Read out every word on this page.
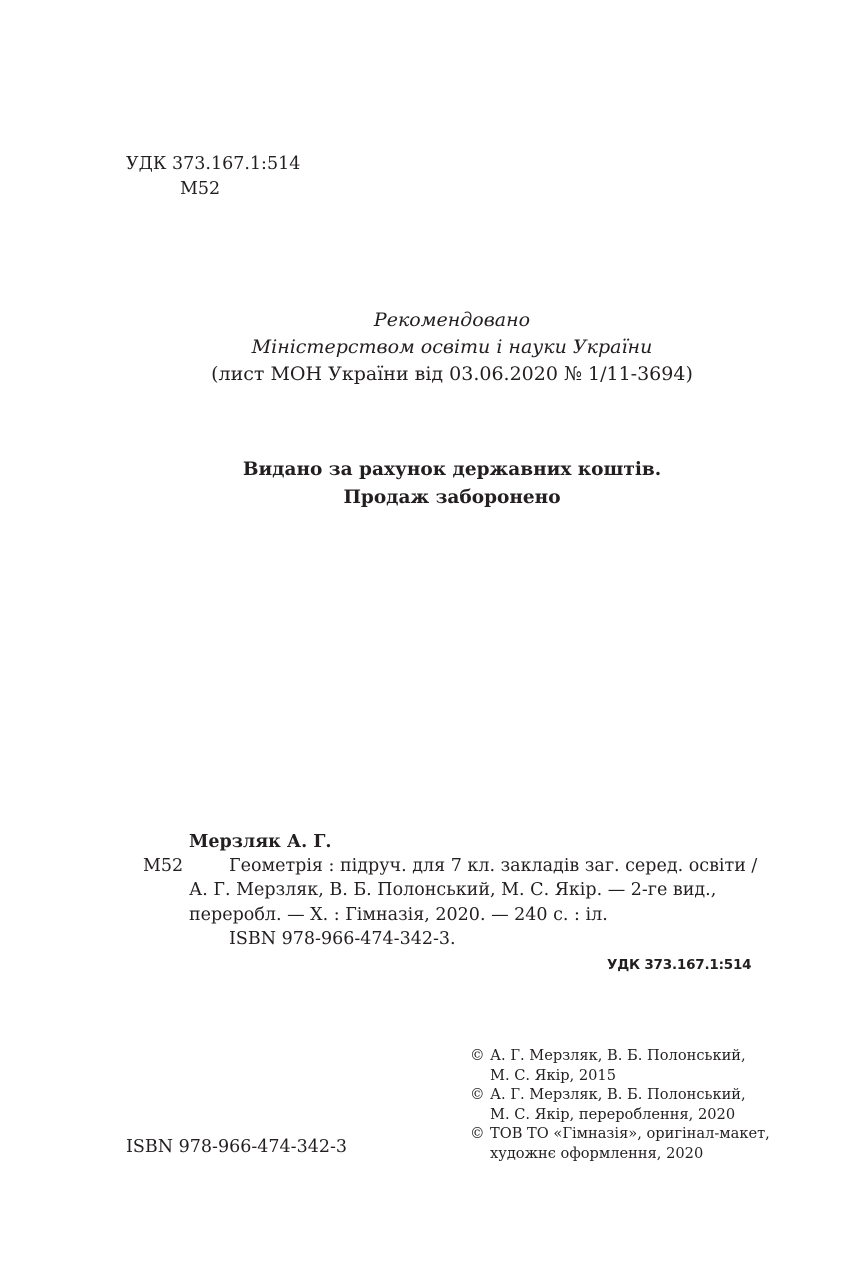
УДК 373.167.1:514
М52
Рекомендовано
Міністерством освіти і науки України
(лист МОН України від 03.06.2020 № 1/11-3694)
Видано за рахунок державних коштів.
Продаж заборонено
Мерзляк А. Г.
М52	Геометрія : підруч. для 7 кл. закладів заг. серед. освіти /
А. Г. Мерзляк, В. Б. Полонський, М. С. Якір. — 2-ге вид.,
переробл. — Х. : Гімназія, 2020. — 240 с. : іл.
ISBN 978-966-474-342-3.
УДК 373.167.1:514
ISBN 978-966-474-342-3
© А. Г. Мерзляк, В. Б. Полонський,
М. С. Якір, 2015
© А. Г. Мерзляк, В. Б. Полонський,
М. С. Якір, перероблення, 2020
© ТОВ ТО «Гімназія», оригінал-макет,
художнє оформлення, 2020
